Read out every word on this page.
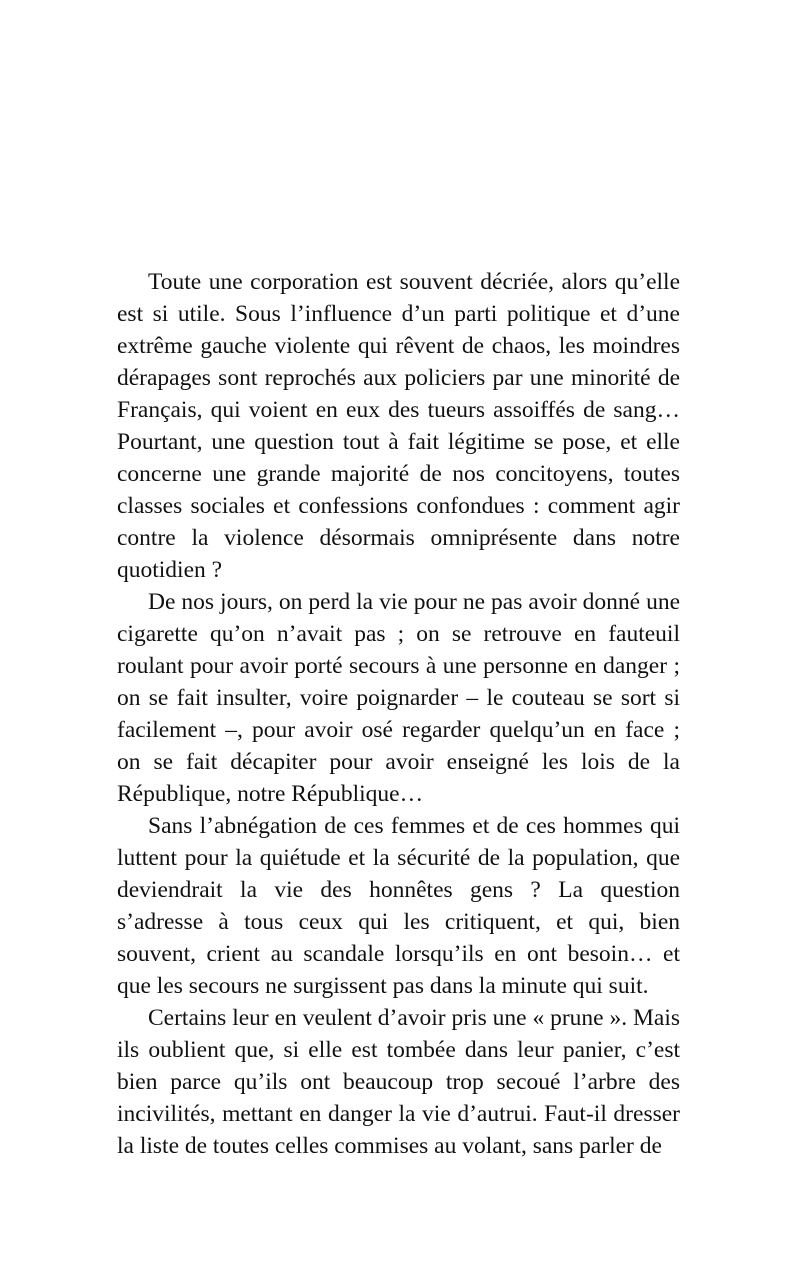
Toute une corporation est souvent décriée, alors qu’elle est si utile. Sous l’influence d’un parti politique et d’une extrême gauche violente qui rêvent de chaos, les moindres dérapages sont reprochés aux policiers par une minorité de Français, qui voient en eux des tueurs assoiffés de sang… Pourtant, une question tout à fait légitime se pose, et elle concerne une grande majorité de nos concitoyens, toutes classes sociales et confessions confondues : comment agir contre la violence désormais omniprésente dans notre quotidien ?

De nos jours, on perd la vie pour ne pas avoir donné une cigarette qu’on n’avait pas ; on se retrouve en fauteuil roulant pour avoir porté secours à une personne en danger ; on se fait insulter, voire poignarder – le couteau se sort si facilement –, pour avoir osé regarder quelqu’un en face ; on se fait décapiter pour avoir enseigné les lois de la République, notre République…

Sans l’abnégation de ces femmes et de ces hommes qui luttent pour la quiétude et la sécurité de la population, que deviendrait la vie des honnêtes gens ? La question s’adresse à tous ceux qui les critiquent, et qui, bien souvent, crient au scandale lorsqu’ils en ont besoin… et que les secours ne surgissent pas dans la minute qui suit.

Certains leur en veulent d’avoir pris une « prune ». Mais ils oublient que, si elle est tombée dans leur panier, c’est bien parce qu’ils ont beaucoup trop secoué l’arbre des incivilités, mettant en danger la vie d’autrui. Faut-il dresser la liste de toutes celles commises au volant, sans parler de
